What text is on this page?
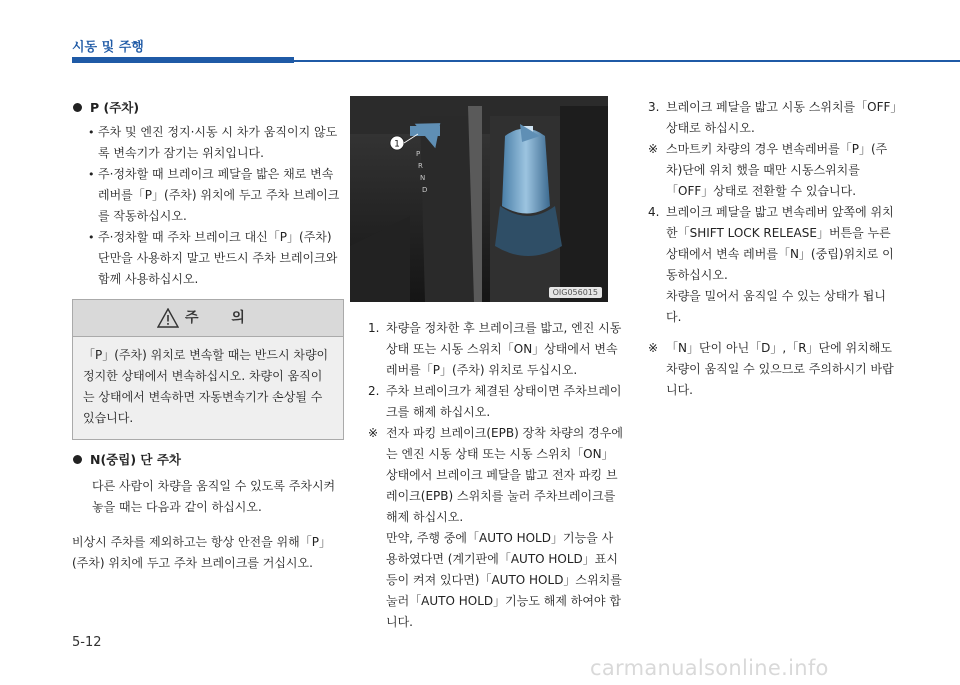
시동 및 주행
P (주차)
• 주차 및 엔진 정지·시동 시 차가 움직이지 않도록 변속기가 잠기는 위치입니다.
• 주·정차할 때 브레이크 페달을 밟은 채로 변속레버를「P」(주차) 위치에 두고 주차 브레이크를 작동하십시오.
• 주·정차할 때 주차 브레이크 대신「P」(주차)단만을 사용하지 말고 반드시 주차 브레이크와 함께 사용하십시오.
주 의
「P」(주차) 위치로 변속할 때는 반드시 차량이 정지한 상태에서 변속하십시오. 차량이 움직이는 상태에서 변속하면 자동변속기가 손상될 수 있습니다.
N(중립) 단 주차
다른 사람이 차량을 움직일 수 있도록 주차시켜 놓을 때는 다음과 같이 하십시오.
비상시 주차를 제외하고는 항상 안전을 위해「P」(주차) 위치에 두고 주차 브레이크를 거십시오.
1
P
R
N
D
OIG056015
1. 차량을 정차한 후 브레이크를 밟고, 엔진 시동 상태 또는 시동 스위치「ON」상태에서 변속레버를「P」(주차) 위치로 두십시오.
2. 주차 브레이크가 체결된 상태이면 주차브레이크를 해제 하십시오.
※ 전자 파킹 브레이크(EPB) 장착 차량의 경우에는 엔진 시동 상태 또는 시동 스위치「ON」상태에서 브레이크 페달을 밟고 전자 파킹 브레이크(EPB) 스위치를 눌러 주차브레이크를 해제 하십시오.
만약, 주행 중에「AUTO HOLD」기능을 사용하였다면 (계기판에「AUTO HOLD」표시등이 켜져 있다면)「AUTO HOLD」스위치를 눌러「AUTO HOLD」기능도 해제 하여야 합니다.
3. 브레이크 페달을 밟고 시동 스위치를「OFF」상태로 하십시오.
※ 스마트키 차량의 경우 변속레버를「P」(주차)단에 위치 했을 때만 시동스위치를「OFF」상태로 전환할 수 있습니다.
4. 브레이크 페달을 밟고 변속레버 앞쪽에 위치한「SHIFT LOCK RELEASE」버튼을 누른 상태에서 변속 레버를「N」(중립)위치로 이동하십시오.
차량을 밀어서 움직일 수 있는 상태가 됩니다.
※ 「N」단이 아닌「D」,「R」단에 위치해도 차량이 움직일 수 있으므로 주의하시기 바랍니다.
5-12
carmanualsonline.info
